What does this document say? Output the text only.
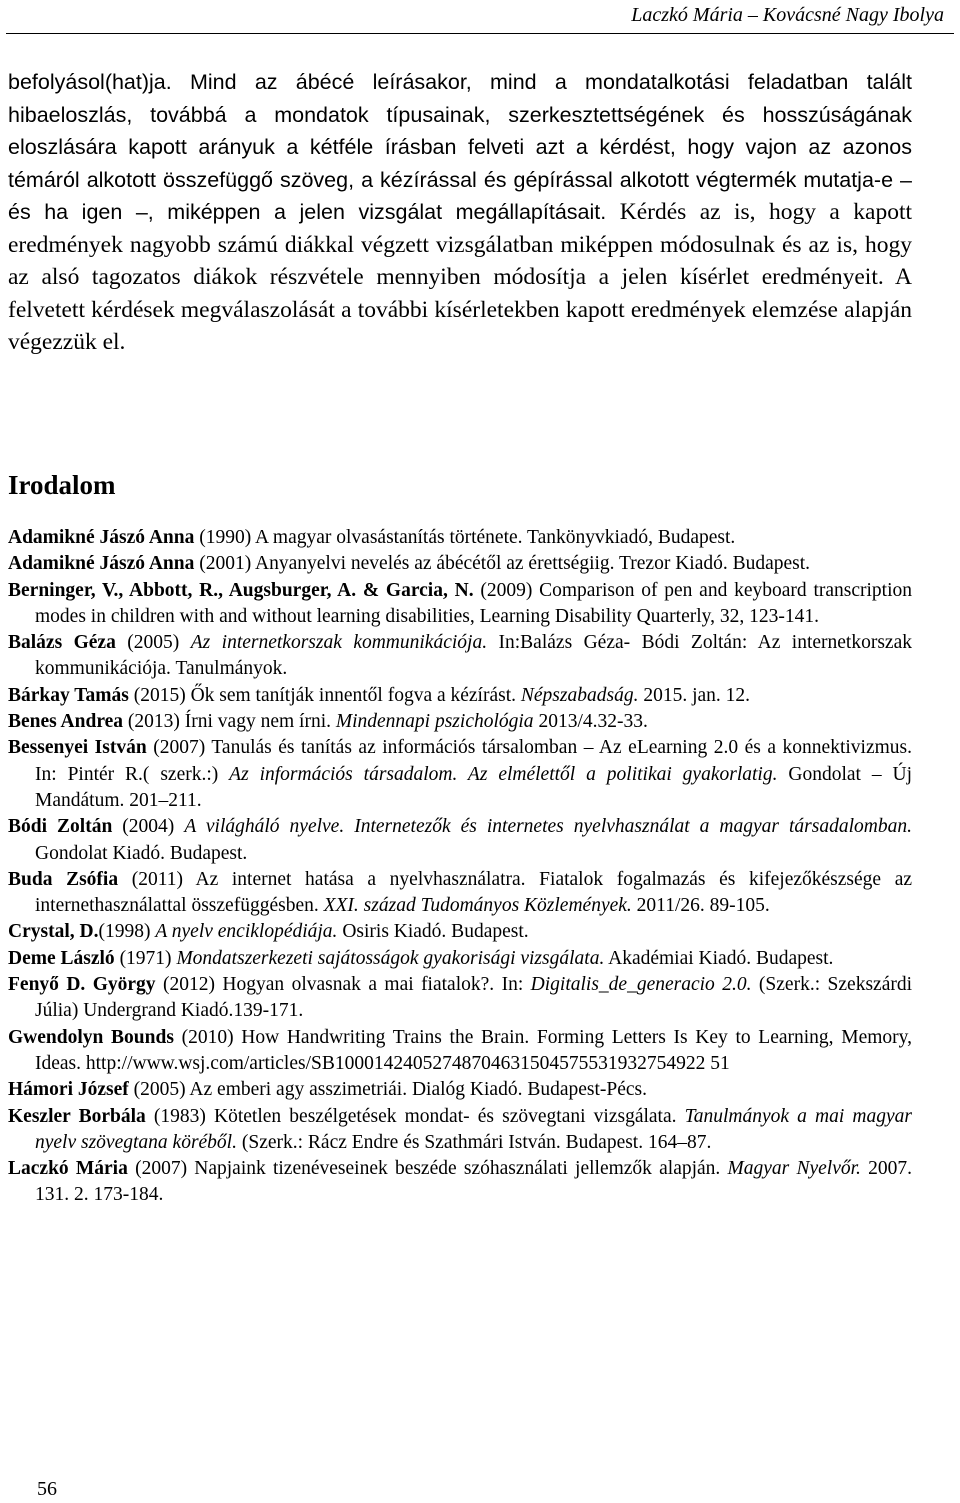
Laczkó Mária – Kovácsné Nagy Ibolya
befolyásol(hat)ja. Mind az ábécé leírásakor, mind a mondatalkotási feladatban talált hibaeloszlás, továbbá a mondatok típusainak, szerkesztettségének és hosszúságának eloszlására kapott arányuk a kétféle írásban felveti azt a kérdést, hogy vajon az azonos témáról alkotott összefüggő szöveg, a kézírással és gépírással alkotott végtermék mutatja-e – és ha igen –, miképpen a jelen vizsgálat megállapításait. Kérdés az is, hogy a kapott eredmények nagyobb számú diákkal végzett vizsgálatban miképpen módosulnak és az is, hogy az alsó tagozatos diákok részvétele mennyiben módosítja a jelen kísérlet eredményeit. A felvetett kérdések megválaszolását a további kísérletekben kapott eredmények elemzése alapján végezzük el.
Irodalom

Adamikné Jászó Anna (1990) A magyar olvasástanítás története. Tankönyvkiadó, Budapest.

Adamikné Jászó Anna (2001) Anyanyelvi nevelés az ábécétől az érettségiig. Trezor Kiadó. Budapest.

Berninger, V., Abbott, R., Augsburger, A. & Garcia, N. (2009) Comparison of pen and keyboard transcription modes in children with and without learning disabilities, Learning Disability Quarterly, 32, 123-141.

Balázs Géza (2005) Az internetkorszak kommunikációja. In:Balázs Géza- Bódi Zoltán: Az internetkorszak kommunikációja. Tanulmányok.

Bárkay Tamás (2015) Ők sem tanítják innentől fogva a kézírást. Népszabadság. 2015. jan. 12.

Benes Andrea (2013) Írni vagy nem írni. Mindennapi pszichológia 2013/4.32-33.

Bessenyei István (2007) Tanulás és tanítás az információs társalomban – Az eLearning 2.0 és a konnektivizmus. In: Pintér R.( szerk.:) Az információs társadalom. Az elmélettől a politikai gyakorlatig. Gondolat – Új Mandátum. 201–211.

Bódi Zoltán (2004) A világháló nyelve. Internetezők és internetes nyelvhasználat a magyar társadalomban. Gondolat Kiadó. Budapest.

Buda Zsófia (2011) Az internet hatása a nyelvhasználatra. Fiatalok fogalmazás és kifejezőkészsége az internethasználattal összefüggésben. XXI. század Tudományos Közlemények. 2011/26. 89-105.

Crystal, D.(1998) A nyelv enciklopédiája. Osiris Kiadó. Budapest.

Deme László (1971) Mondatszerkezeti sajátosságok gyakorisági vizsgálata. Akadémiai Kiadó. Budapest.

Fenyő D. György (2012) Hogyan olvasnak a mai fiatalok?. In: Digitalis_de_generacio 2.0. (Szerk.: Szekszárdi Júlia) Undergrand Kiadó.139-171.

Gwendolyn Bounds (2010) How Handwriting Trains the Brain. Forming Letters Is Key to Learning, Memory, Ideas. http://www.wsj.com/articles/SB10001424052748704631504575531932754922 51

Hámori József (2005) Az emberi agy asszimetriái. Dialóg Kiadó. Budapest-Pécs.

Keszler Borbála (1983) Kötetlen beszélgetések mondat- és szövegtani vizsgálata. Tanulmányok a mai magyar nyelv szövegtana köréből. (Szerk.: Rácz Endre és Szathmári István. Budapest. 164–87.

Laczkó Mária (2007) Napjaink tizenéveseinek beszéde szóhasználati jellemzők alapján. Magyar Nyelvőr. 2007. 131. 2. 173-184.

56
